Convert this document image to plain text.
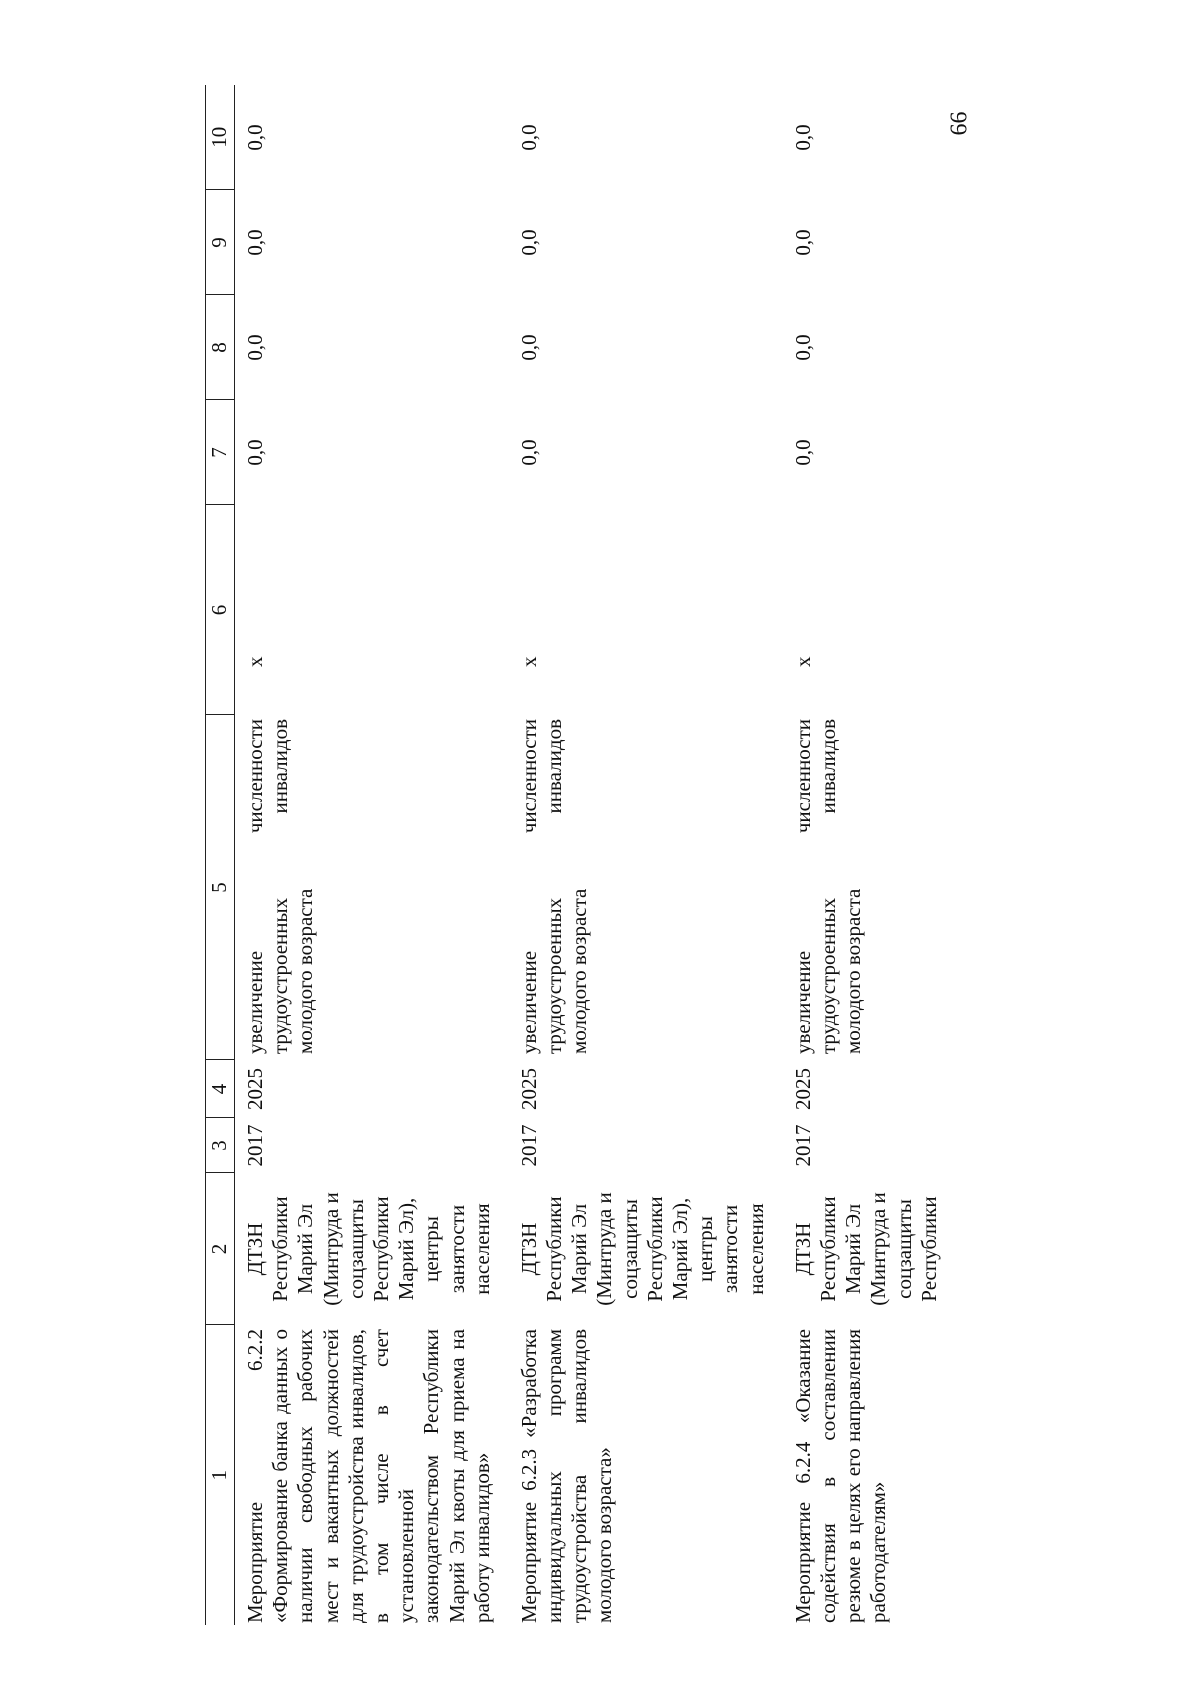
66
1	2	3	4	5	6	7	8	9	10
Мероприятие 6.2.2 «Формирование банка данных о наличии свободных рабочих мест и вакантных должностей для трудоустройства инвалидов, в том числе в счет установленной законодательством Республики Марий Эл квоты для приема на работу инвалидов»	ДТЗН Республики Марий Эл (Минтруда и соцзащиты Республики Марий Эл), центры занятости населения	2017	2025	увеличение численности трудоустроенных инвалидов молодого возраста	x	0,0	0,0	0,0	0,0
Мероприятие 6.2.3 «Разработка индивидуальных программ трудоустройства инвалидов молодого возраста»	ДТЗН Республики Марий Эл (Минтруда и соцзащиты Республики Марий Эл), центры занятости населения	2017	2025	увеличение численности трудоустроенных инвалидов молодого возраста	x	0,0	0,0	0,0	0,0
Мероприятие 6.2.4 «Оказание содействия в составлении резюме в целях его направления работодателям»	ДТЗН Республики Марий Эл (Минтруда и соцзащиты Республики	2017	2025	увеличение численности трудоустроенных инвалидов молодого возраста	x	0,0	0,0	0,0	0,0
